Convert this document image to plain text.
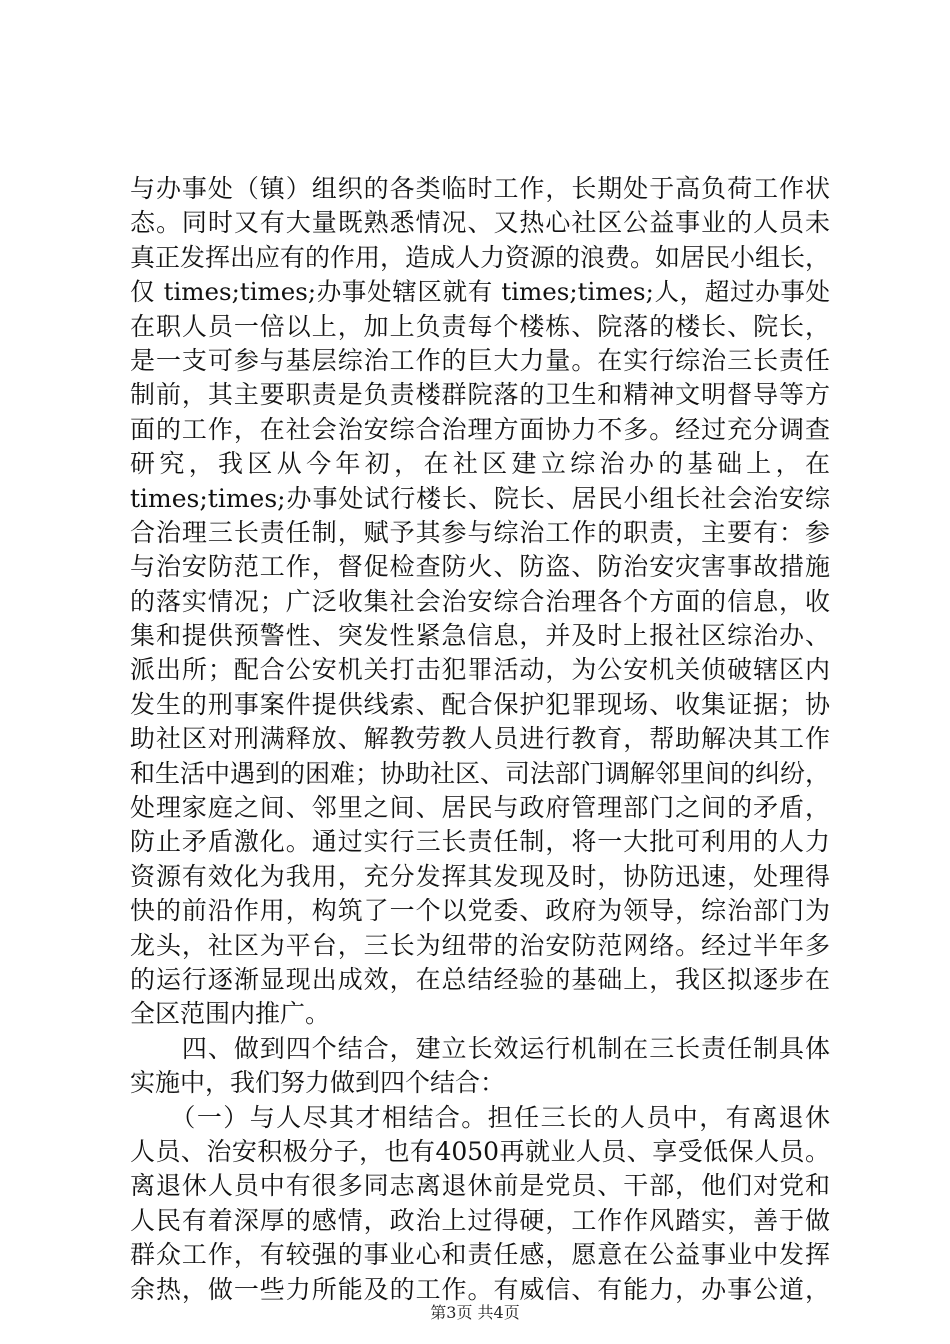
与办事处（镇）组织的各类临时工作，长期处于高负荷工作状
态。同时又有大量既熟悉情况、又热心社区公益事业的人员未
真正发挥出应有的作用，造成人力资源的浪费。如居民小组长，
仅 times;times;办事处辖区就有 times;times;人，超过办事处
在职人员一倍以上，加上负责每个楼栋、院落的楼长、院长，
是一支可参与基层综治工作的巨大力量。在实行综治三长责任
制前，其主要职责是负责楼群院落的卫生和精神文明督导等方
面的工作，在社会治安综合治理方面协力不多。经过充分调查
研究，我区从今年初，在社区建立综治办的基础上，在
times;times;办事处试行楼长、院长、居民小组长社会治安综
合治理三长责任制，赋予其参与综治工作的职责，主要有：参
与治安防范工作，督促检查防火、防盗、防治安灾害事故措施
的落实情况；广泛收集社会治安综合治理各个方面的信息，收
集和提供预警性、突发性紧急信息，并及时上报社区综治办、
派出所；配合公安机关打击犯罪活动，为公安机关侦破辖区内
发生的刑事案件提供线索、配合保护犯罪现场、收集证据；协
助社区对刑满释放、解教劳教人员进行教育，帮助解决其工作
和生活中遇到的困难；协助社区、司法部门调解邻里间的纠纷，
处理家庭之间、邻里之间、居民与政府管理部门之间的矛盾，
防止矛盾激化。通过实行三长责任制，将一大批可利用的人力
资源有效化为我用，充分发挥其发现及时，协防迅速，处理得
快的前沿作用，构筑了一个以党委、政府为领导，综治部门为
龙头，社区为平台，三长为纽带的治安防范网络。经过半年多
的运行逐渐显现出成效，在总结经验的基础上，我区拟逐步在
全区范围内推广。
　　四、做到四个结合，建立长效运行机制在三长责任制具体
实施中，我们努力做到四个结合：
　　（一）与人尽其才相结合。担任三长的人员中，有离退休
人员、治安积极分子，也有4050再就业人员、享受低保人员。
离退休人员中有很多同志离退休前是党员、干部，他们对党和
人民有着深厚的感情，政治上过得硬，工作作风踏实，善于做
群众工作，有较强的事业心和责任感，愿意在公益事业中发挥
余热，做一些力所能及的工作。有威信、有能力，办事公道，
第3页 共4页
